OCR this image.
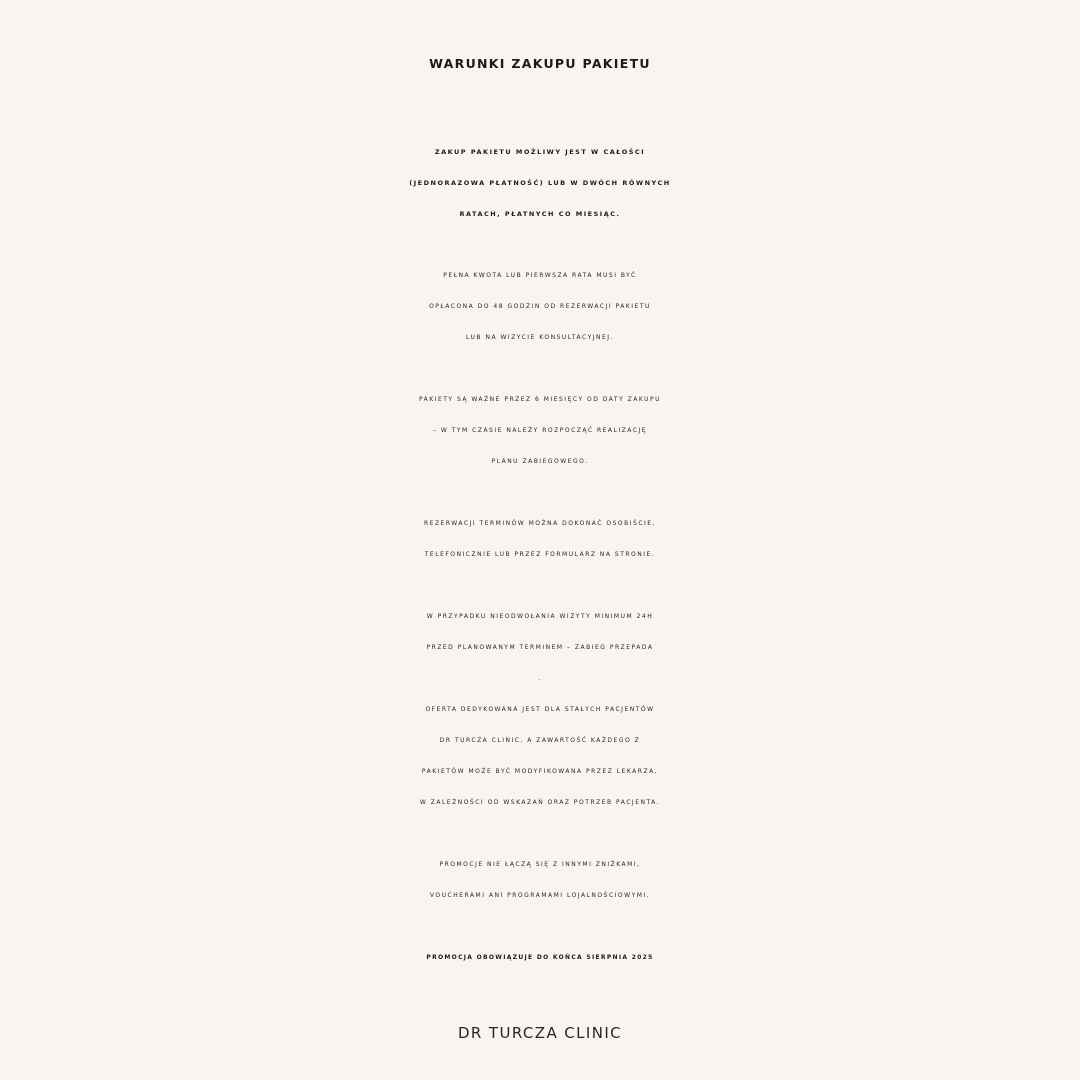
WARUNKI ZAKUPU PAKIETU
ZAKUP PAKIETU MOŻLIWY JEST W CAŁOŚCI
(JEDNORAZOWA PŁATNOŚĆ) LUB W DWÓCH RÓWNYCH
RATACH, PŁATNYCH CO MIESIĄC.
PEŁNA KWOTA LUB PIERWSZA RATA MUSI BYĆ
OPŁACONA DO 48 GODZIN OD REZERWACJI PAKIETU
LUB NA WIZYCIE KONSULTACYJNEJ.
PAKIETY SĄ WAŻNE PRZEZ 6 MIESIĘCY OD DATY ZAKUPU
– W TYM CZASIE NALEŻY ROZPOCZĄĆ REALIZACJĘ
PLANU ZABIEGOWEGO.
REZERWACJI TERMINÓW MOŻNA DOKONAĆ OSOBIŚCIE,
TELEFONICZNIE LUB PRZEZ FORMULARZ NA STRONIE.
W PRZYPADKU NIEODWOŁANIA WIZYTY MINIMUM 24H
PRZED PLANOWANYM TERMINEM – ZABIEG PRZEPADA
.
OFERTA DEDYKOWANA JEST DLA STAŁYCH PACJENTÓW
DR TURCZA CLINIC, A ZAWARTOŚĆ KAŻDEGO Z
PAKIETÓW MOŻE BYĆ MODYFIKOWANA PRZEZ LEKARZA,
W ZALEŻNOŚCI OD WSKAZAŃ ORAZ POTRZEB PACJENTA.
PROMOCJE NIE ŁĄCZĄ SIĘ Z INNYMI ZNIŻKAMI,
VOUCHERAMI ANI PROGRAMAMI LOJALNOŚCIOWYMI.
PROMOCJA OBOWIĄZUJE DO KOŃCA SIERPNIA 2025
DR TURCZA CLINIC
